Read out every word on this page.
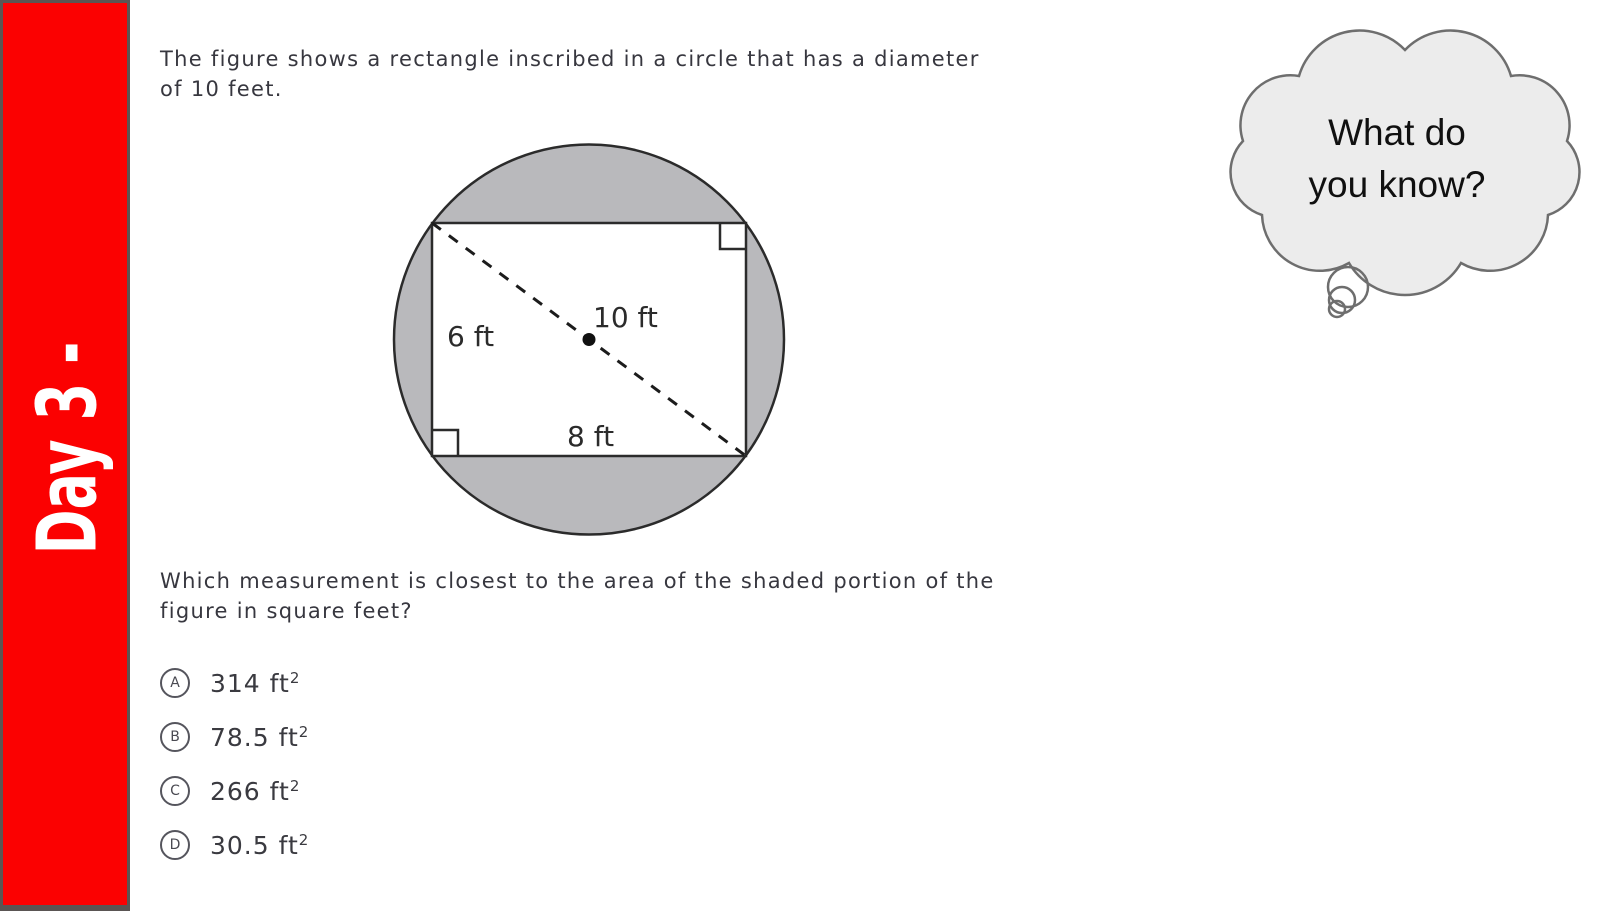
Day 3 -
The figure shows a rectangle inscribed in a circle that has a diameter
of 10 feet.
6 ft
10 ft
8 ft
Which measurement is closest to the area of the shaded portion of the
figure in square feet?
A	314 $ft^2$
B	78.5 $ft^2$
C	266 $ft^2$
D	30.5 $ft^2$
What do
you know?
